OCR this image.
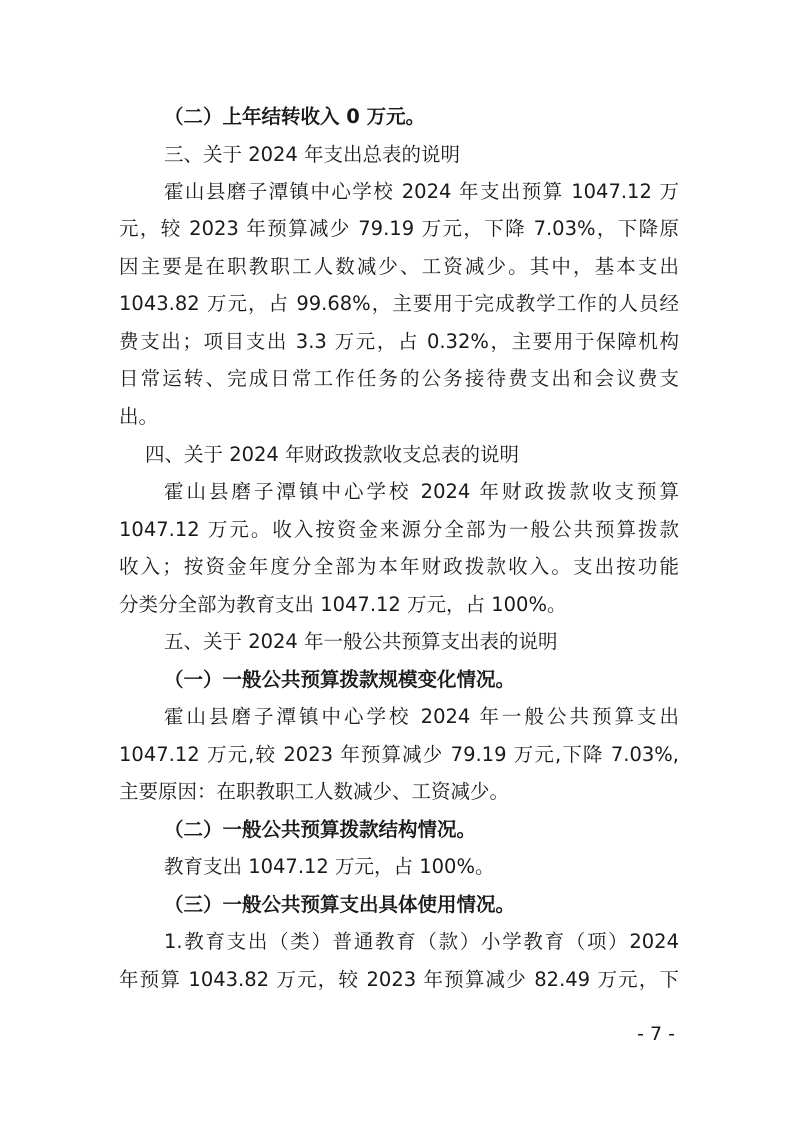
（二）上年结转收入 0 万元。
三、关于 2024 年支出总表的说明
霍山县磨子潭镇中心学校 2024 年支出预算 1047.12 万
元，较 2023 年预算减少 79.19 万元，下降 7.03%，下降原
因主要是在职教职工人数减少、工资减少。其中，基本支出
1043.82 万元，占 99.68%，主要用于完成教学工作的人员经
费支出；项目支出 3.3 万元，占 0.32%，主要用于保障机构
日常运转、完成日常工作任务的公务接待费支出和会议费支
出。
四、关于 2024 年财政拨款收支总表的说明
霍山县磨子潭镇中心学校 2024 年财政拨款收支预算
1047.12 万元。收入按资金来源分全部为一般公共预算拨款
收入；按资金年度分全部为本年财政拨款收入。支出按功能
分类分全部为教育支出 1047.12 万元，占 100%。
五、关于 2024 年一般公共预算支出表的说明
（一）一般公共预算拨款规模变化情况。
霍山县磨子潭镇中心学校 2024 年一般公共预算支出
1047.12 万元,较 2023 年预算减少 79.19 万元,下降 7.03%,
主要原因：在职教职工人数减少、工资减少。
（二）一般公共预算拨款结构情况。
教育支出 1047.12 万元，占 100%。
（三）一般公共预算支出具体使用情况。
1.教育支出（类）普通教育（款）小学教育（项）2024
年预算 1043.82 万元，较 2023 年预算减少 82.49 万元，下
- 7 -
